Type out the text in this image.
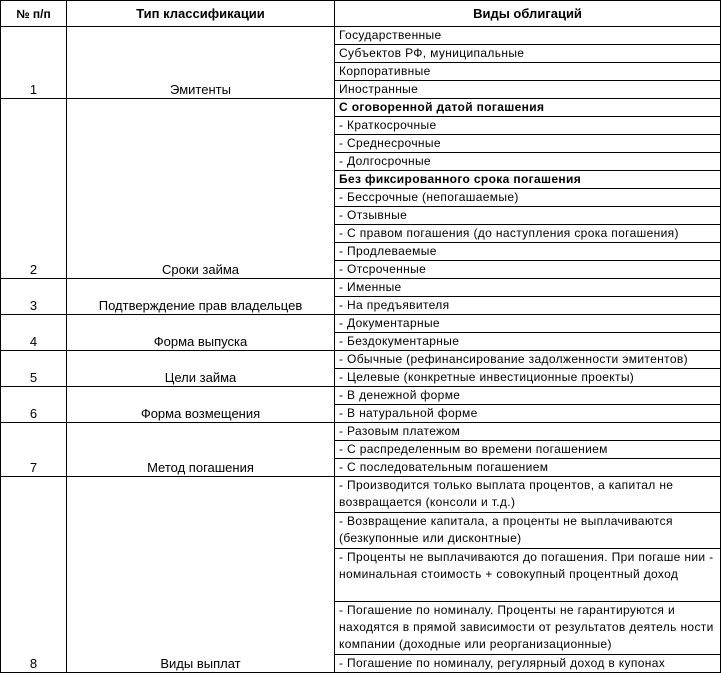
№ п/п	Тип классификации	Виды облигаций
1	Эмитенты	Государственные
		Субъектов РФ, муниципальные
		Корпоративные
		Иностранные
2	Сроки займа	С оговоренной датой погашения
		- Краткосрочные
		- Среднесрочные
		- Долгосрочные
		Без фиксированного срока погашения
		- Бессрочные (непогашаемые)
		- Отзывные
		- С правом погашения (до наступления срока погашения)
		- Продлеваемые
		- Отсроченные
3	Подтверждение прав владельцев	- Именные
		- На предъявителя
4	Форма выпуска	- Документарные
		- Бездокументарные
5	Цели займа	- Обычные (рефинансирование задолженности эмитентов)
		- Целевые (конкретные инвестиционные проекты)
6	Форма возмещения	- В денежной форме
		- В натуральной форме
7	Метод погашения	- Разовым платежом
		- С распределенным во времени погашением
		- С последовательным погашением
8	Виды выплат	- Производится только выплата процентов, а капитал не возвращается (консоли и т.д.)
		- Возвращение капитала, а проценты не выплачиваются (безкупонные или дисконтные)
		- Проценты не выплачиваются до погашения. При погаше нии - номинальная стоимость + совокупный процентный доход
		- Погашение по номиналу. Проценты не гарантируются и находятся в прямой зависимости от результатов деятель ности компании (доходные или реорганизационные)
		- Погашение по номиналу, регулярный доход в купонах
